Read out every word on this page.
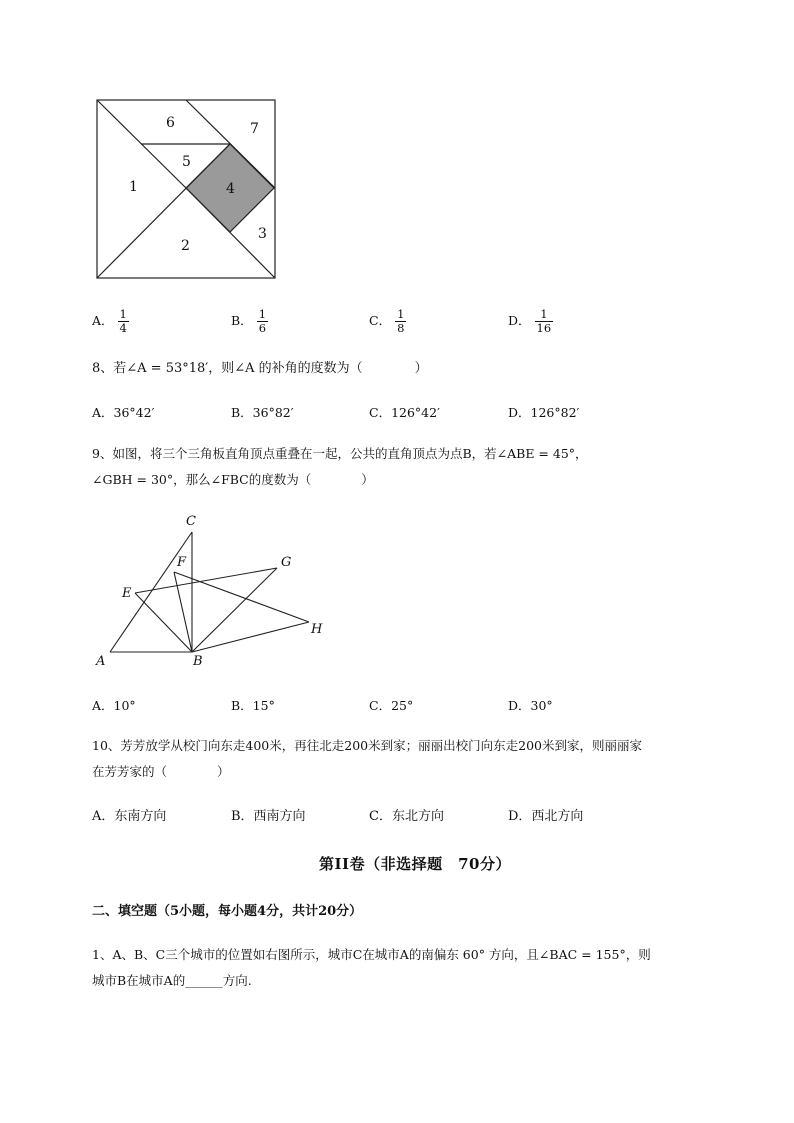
6	7
5
1	4
3
2
A． $\frac{1}{4}$	B． $\frac{1}{6}$	C． $\frac{1}{8}$	D． $\frac{1}{16}$
8、若∠A = 53°18′，则∠A 的补角的度数为（　　　　）
A．36°42′	B．36°82′	C．126°42′	D．126°82′
9、如图，将三个三角板直角顶点重叠在一起，公共的直角顶点为点B，若∠ABE = 45°，
∠GBH = 30°，那么∠FBC的度数为（　　　　）
C
F	G
E
H
A	B
A．10°	B．15°	C．25°	D．30°
10、芳芳放学从校门向东走400米，再往北走200米到家；丽丽出校门向东走200米到家，则丽丽家
在芳芳家的（　　　　）
A．东南方向	B．西南方向	C．东北方向	D．西北方向
第II卷（非选择题　70分）
二、填空题（5小题，每小题4分，共计20分）
1、A、B、C三个城市的位置如右图所示，城市C在城市A的南偏东 60° 方向，且∠BAC = 155°，则
城市B在城市A的______方向.
